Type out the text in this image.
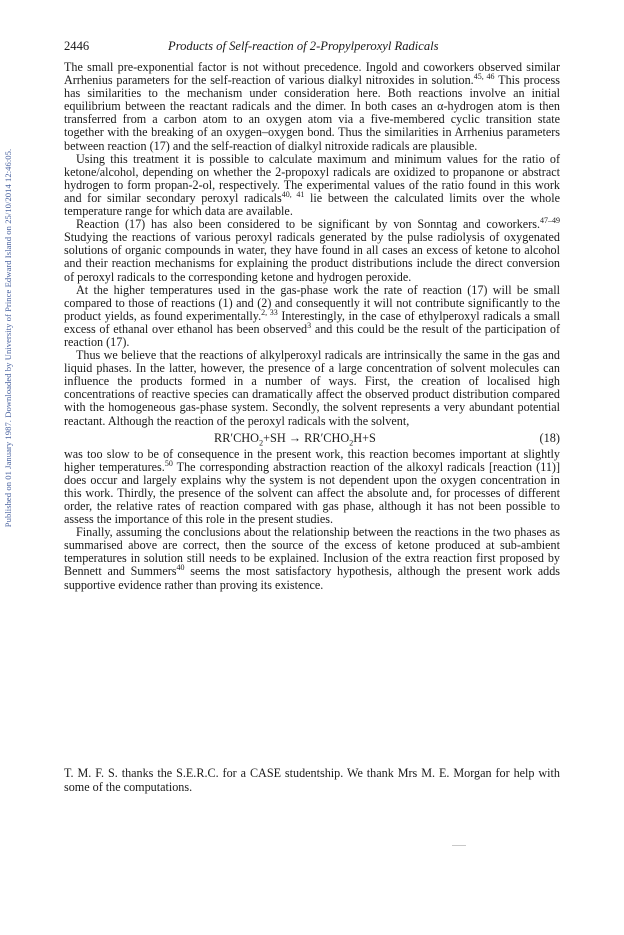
Published on 01 January 1987. Downloaded by University of Prince Edward Island on 25/10/2014 12:46:05.
2446	Products of Self-reaction of 2-Propylperoxyl Radicals

The small pre-exponential factor is not without precedence. Ingold and coworkers observed similar Arrhenius parameters for the self-reaction of various dialkyl nitroxides in solution.$^{45, 46}$ This process has similarities to the mechanism under consideration here. Both reactions involve an initial equilibrium between the reactant radicals and the dimer. In both cases an α-hydrogen atom is then transferred from a carbon atom to an oxygen atom via a five-membered cyclic transition state together with the breaking of an oxygen–oxygen bond. Thus the similarities in Arrhenius parameters between reaction (17) and the self-reaction of dialkyl nitroxide radicals are plausible.

Using this treatment it is possible to calculate maximum and minimum values for the ratio of ketone/alcohol, depending on whether the 2-propoxyl radicals are oxidized to propanone or abstract hydrogen to form propan-2-ol, respectively. The experimental values of the ratio found in this work and for similar secondary peroxyl radicals$^{40, 41}$ lie between the calculated limits over the whole temperature range for which data are available.

Reaction (17) has also been considered to be significant by von Sonntag and coworkers.$^{47-49}$ Studying the reactions of various peroxyl radicals generated by the pulse radiolysis of oxygenated solutions of organic compounds in water, they have found in all cases an excess of ketone to alcohol and their reaction mechanisms for explaining the product distributions include the direct conversion of peroxyl radicals to the corresponding ketone and hydrogen peroxide.

At the higher temperatures used in the gas-phase work the rate of reaction (17) will be small compared to those of reactions (1) and (2) and consequently it will not contribute significantly to the product yields, as found experimentally.$^{2, 33}$ Interestingly, in the case of ethylperoxyl radicals a small excess of ethanal over ethanol has been observed$^3$ and this could be the result of the participation of reaction (17).

Thus we believe that the reactions of alkylperoxyl radicals are intrinsically the same in the gas and liquid phases. In the latter, however, the presence of a large concentration of solvent molecules can influence the products formed in a number of ways. First, the creation of localised high concentrations of reactive species can dramatically affect the observed product distribution compared with the homogeneous gas-phase system. Secondly, the solvent represents a very abundant potential reactant. Although the reaction of the peroxyl radicals with the solvent,

$RR'CHO_2+SH \to RR'CHO_2H+S$	(18)

was too slow to be of consequence in the present work, this reaction becomes important at slightly higher temperatures.$^{50}$ The corresponding abstraction reaction of the alkoxyl radicals [reaction (11)] does occur and largely explains why the system is not dependent upon the oxygen concentration in this work. Thirdly, the presence of the solvent can affect the absolute and, for processes of different order, the relative rates of reaction compared with gas phase, although it has not been possible to assess the importance of this role in the present studies.

Finally, assuming the conclusions about the relationship between the reactions in the two phases as summarised above are correct, then the source of the excess of ketone produced at sub-ambient temperatures in solution still needs to be explained. Inclusion of the extra reaction first proposed by Bennett and Summers$^{40}$ seems the most satisfactory hypothesis, although the present work adds supportive evidence rather than proving its existence.

T. M. F. S. thanks the S.E.R.C. for a CASE studentship. We thank Mrs M. E. Morgan for help with some of the computations.
